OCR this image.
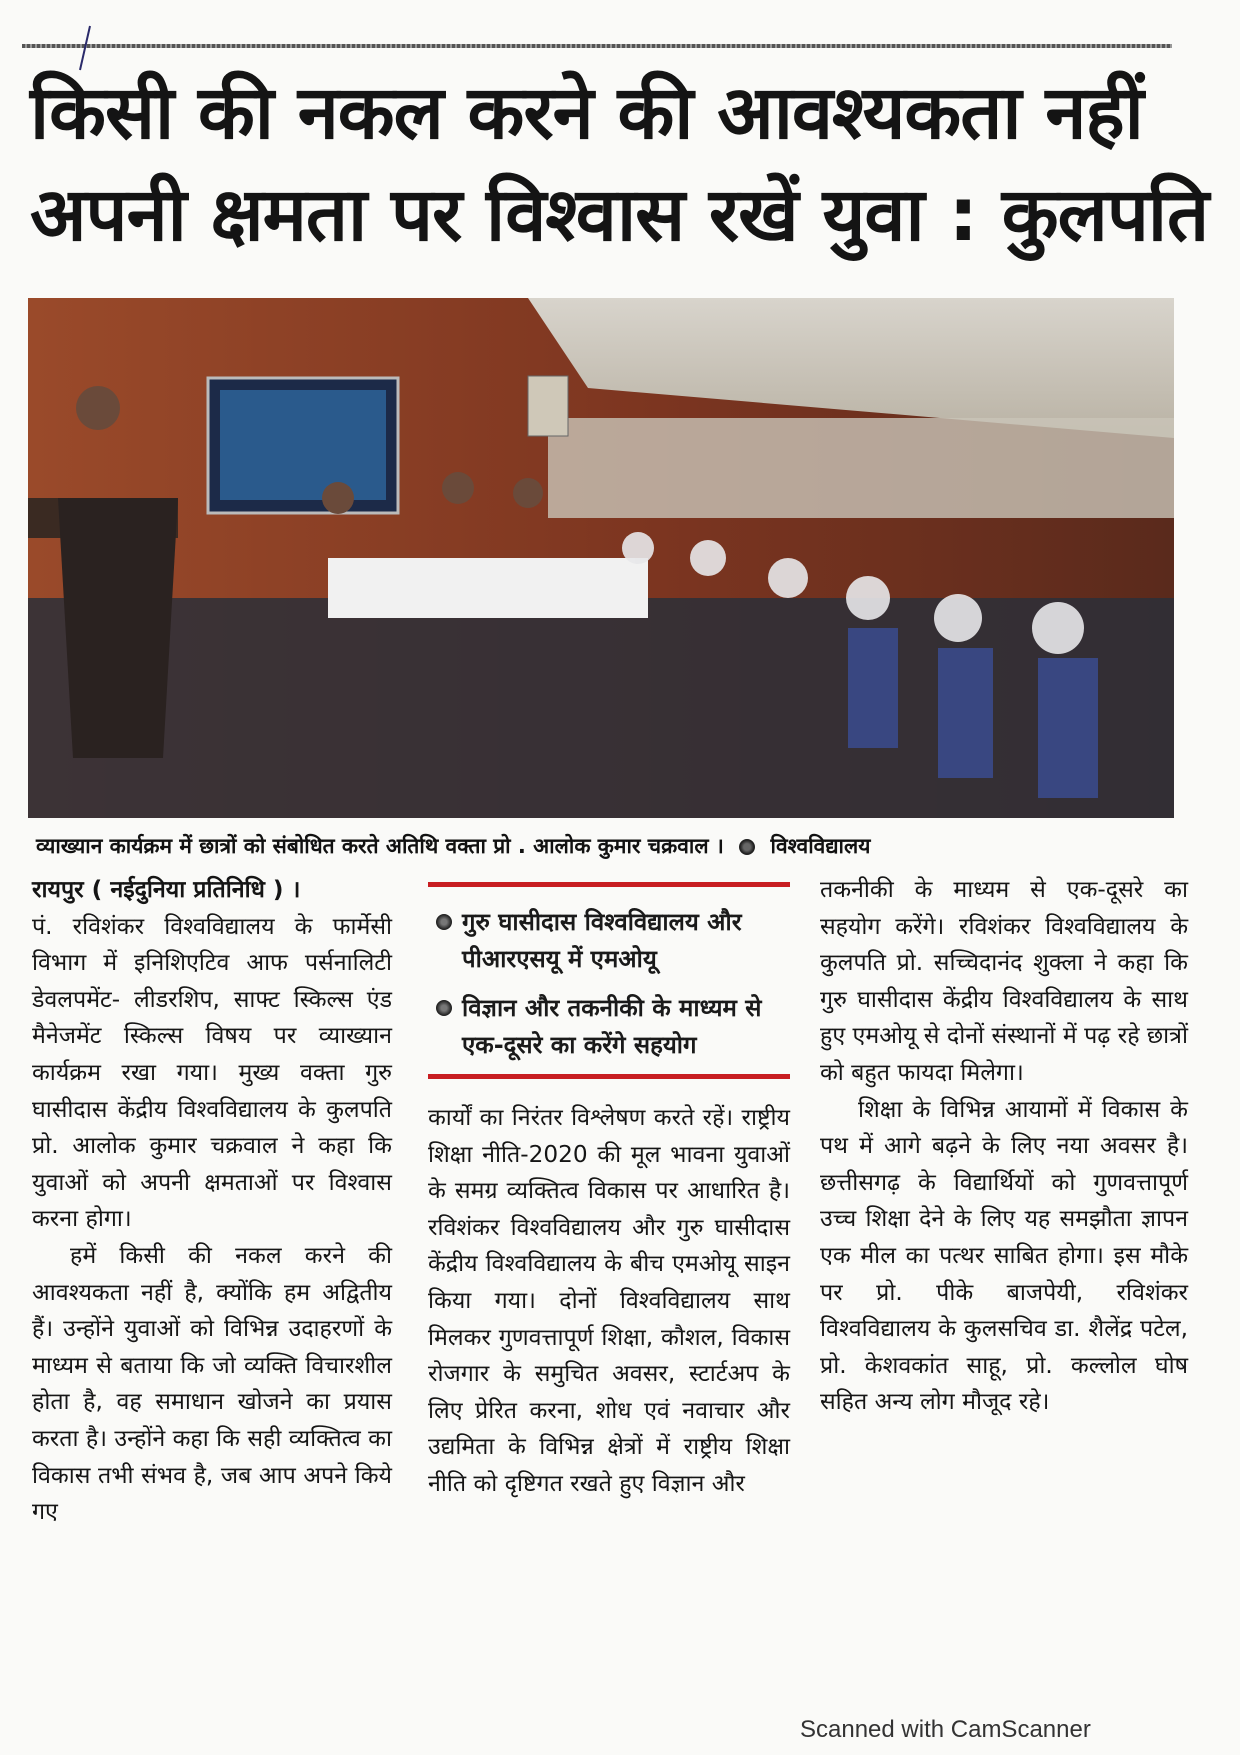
किसी की नकल करने की आवश्यकता नहीं
अपनी क्षमता पर विश्वास रखें युवा : कुलपति
व्याख्यान कार्यक्रम में छात्रों को संबोधित करते अतिथि वक्ता प्रो . आलोक कुमार चक्रवाल । विश्वविद्यालय

रायपुर ( नईदुनिया प्रतिनिधि ) ।

पं. रविशंकर विश्वविद्यालय के फार्मेसी विभाग में इनिशिएटिव आफ पर्सनालिटी डेवलपमेंट- लीडरशिप, साफ्ट स्किल्स एंड मैनेजमेंट स्किल्स विषय पर व्याख्यान कार्यक्रम रखा गया। मुख्य वक्ता गुरु घासीदास केंद्रीय विश्वविद्यालय के कुलपति प्रो. आलोक कुमार चक्रवाल ने कहा कि युवाओं को अपनी क्षमताओं पर विश्वास करना होगा।

हमें किसी की नकल करने की आवश्यकता नहीं है, क्योंकि हम अद्वितीय हैं। उन्होंने युवाओं को विभिन्न उदाहरणों के माध्यम से बताया कि जो व्यक्ति विचारशील होता है, वह समाधान खोजने का प्रयास करता है। उन्होंने कहा कि सही व्यक्तित्व का विकास तभी संभव है, जब आप अपने किये गए

गुरु घासीदास विश्वविद्यालय और पीआरएसयू में एमओयू
विज्ञान और तकनीकी के माध्यम से एक-दूसरे का करेंगे सहयोग

कार्यों का निरंतर विश्लेषण करते रहें। राष्ट्रीय शिक्षा नीति-2020 की मूल भावना युवाओं के समग्र व्यक्तित्व विकास पर आधारित है। रविशंकर विश्वविद्यालय और गुरु घासीदास केंद्रीय विश्वविद्यालय के बीच एमओयू साइन किया गया। दोनों विश्वविद्यालय साथ मिलकर गुणवत्तापूर्ण शिक्षा, कौशल, विकास रोजगार के समुचित अवसर, स्टार्टअप के लिए प्रेरित करना, शोध एवं नवाचार और उद्यमिता के विभिन्न क्षेत्रों में राष्ट्रीय शिक्षा नीति को दृष्टिगत रखते हुए विज्ञान और

तकनीकी के माध्यम से एक-दूसरे का सहयोग करेंगे। रविशंकर विश्वविद्यालय के कुलपति प्रो. सच्चिदानंद शुक्ला ने कहा कि गुरु घासीदास केंद्रीय विश्वविद्यालय के साथ हुए एमओयू से दोनों संस्थानों में पढ़ रहे छात्रों को बहुत फायदा मिलेगा।

शिक्षा के विभिन्न आयामों में विकास के पथ में आगे बढ़ने के लिए नया अवसर है। छत्तीसगढ़ के विद्यार्थियों को गुणवत्तापूर्ण उच्च शिक्षा देने के लिए यह समझौता ज्ञापन एक मील का पत्थर साबित होगा। इस मौके पर प्रो. पीके बाजपेयी, रविशंकर विश्वविद्यालय के कुलसचिव डा. शैलेंद्र पटेल, प्रो. केशवकांत साहू, प्रो. कल्लोल घोष सहित अन्य लोग मौजूद रहे।

Scanned with CamScanner
